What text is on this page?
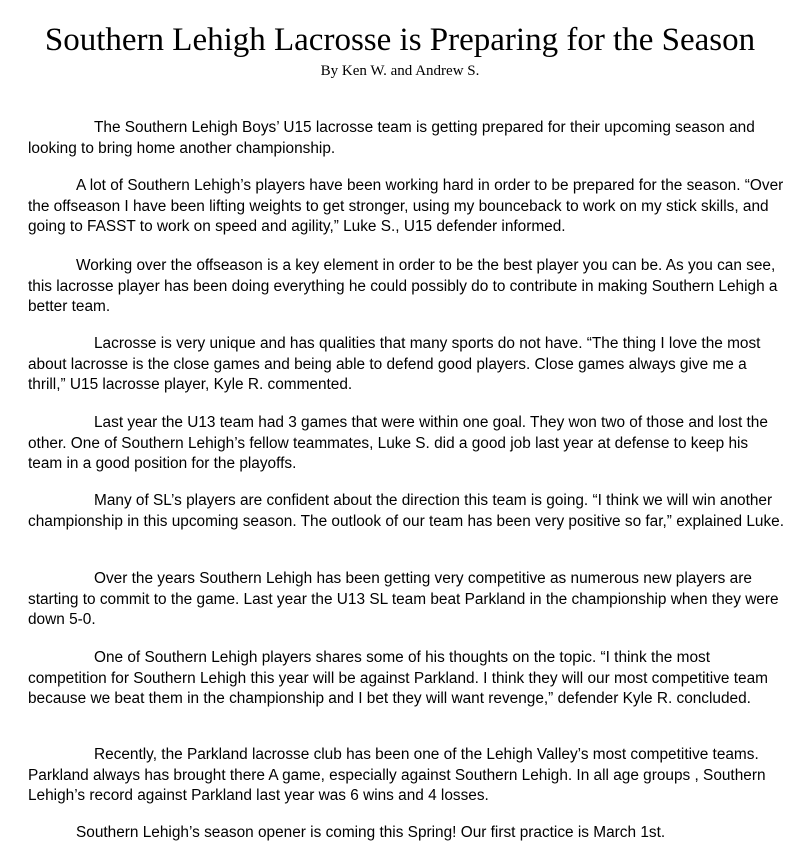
Southern Lehigh Lacrosse is Preparing for the Season
By Ken W. and Andrew S.

The Southern Lehigh Boys’ U15 lacrosse team is getting prepared for their upcoming season and looking to bring home another championship.

A lot of Southern Lehigh’s players have been working hard in order to be prepared for the season. “Over the offseason I have been lifting weights to get stronger, using my bounceback to work on my stick skills, and going to FASST to work on speed and agility,” Luke S., U15 defender informed.

Working over the offseason is a key element in order to be the best player you can be. As you can see, this lacrosse player has been doing everything he could possibly do to contribute in making Southern Lehigh a better team.

Lacrosse is very unique and has qualities that many sports do not have. “The thing I love the most about lacrosse is the close games and being able to defend good players. Close games always give me a thrill,” U15 lacrosse player, Kyle R. commented.

Last year the U13 team had 3 games that were within one goal. They won two of those and lost the other. One of Southern Lehigh’s fellow teammates, Luke S. did a good job last year at defense to keep his team in a good position for the playoffs.

Many of SL’s players are confident about the direction this team is going. “I think we will win another championship in this upcoming season. The outlook of our team has been very positive so far,” explained Luke.

Over the years Southern Lehigh has been getting very competitive as numerous new players are starting to commit to the game. Last year the U13 SL team beat Parkland in the championship when they were down 5-0.

One of Southern Lehigh players shares some of his thoughts on the topic. “I think the most competition for Southern Lehigh this year will be against Parkland. I think they will our most competitive team because we beat them in the championship and I bet they will want revenge,” defender Kyle R. concluded.

Recently, the Parkland lacrosse club has been one of the Lehigh Valley’s most competitive teams. Parkland always has brought there A game, especially against Southern Lehigh. In all age groups , Southern Lehigh’s record against Parkland last year was 6 wins and 4 losses.

Southern Lehigh’s season opener is coming this Spring! Our first practice is March 1st.
